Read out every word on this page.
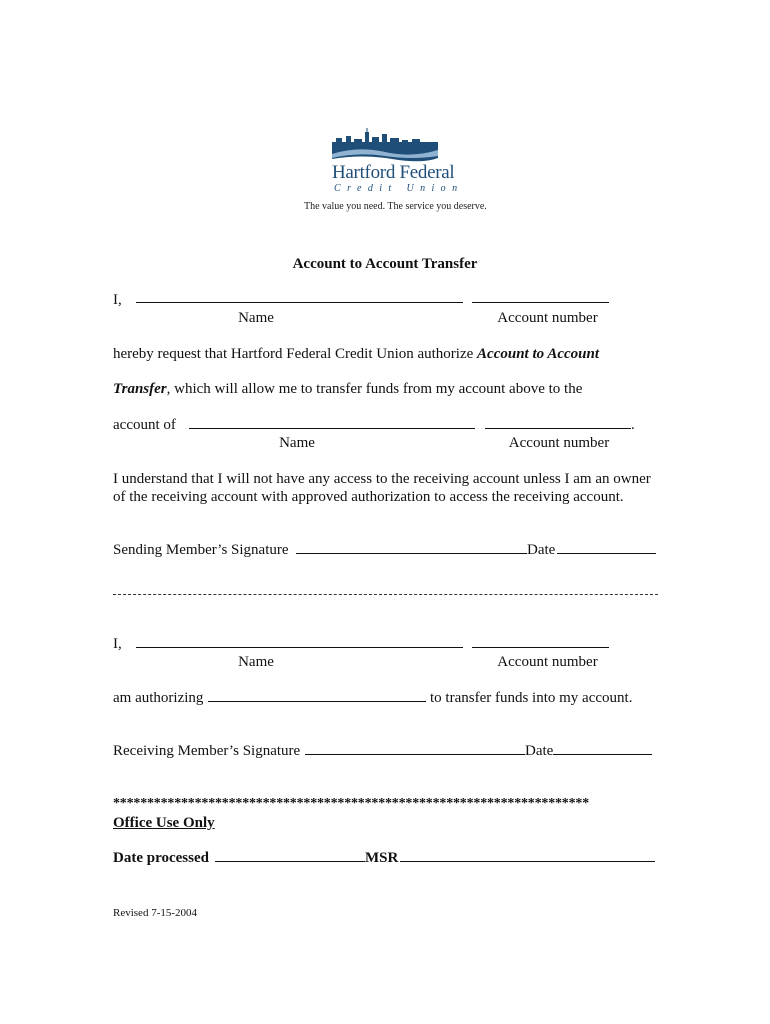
Hartford Federal
Credit Union
The value you need. The service you deserve.
Account to Account Transfer
I,
Name	Account number
hereby request that Hartford Federal Credit Union authorize Account to Account
Transfer, which will allow me to transfer funds from my account above to the
account of	.
Name	Account number
I understand that I will not have any access to the receiving account unless I am an owner
of the receiving account with approved authorization to access the receiving account.
Sending Member’s Signature	Date
I,
Name	Account number
am authorizing	to transfer funds into my account.
Receiving Member’s Signature	Date
**********************************************************************
Office Use Only
Date processed	MSR
Revised 7-15-2004
